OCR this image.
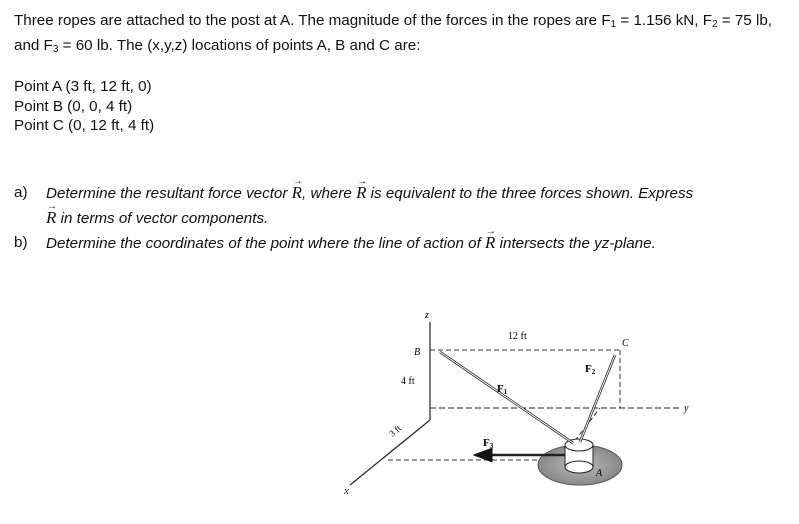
Three ropes are attached to the post at A. The magnitude of the forces in the ropes are $F_1 = 1.156$ kN, $F_2 = 75$ lb, and $F_3 = 60$ lb. The (x,y,z) locations of points A, B and C are:

Point A (3 ft, 12 ft, 0)
Point B (0, 0, 4 ft)
Point C (0, 12 ft, 4 ft)
a)	Determine the resultant force vector → R, where → R is equivalent to the three forces shown. Express
→ R in terms of vector components.
b)	Determine the coordinates of the point where the line of action of → R intersects the yz-plane.
z
y
x
B
C
A
12 ft
4 ft
3 ft
F1
F2
F3
